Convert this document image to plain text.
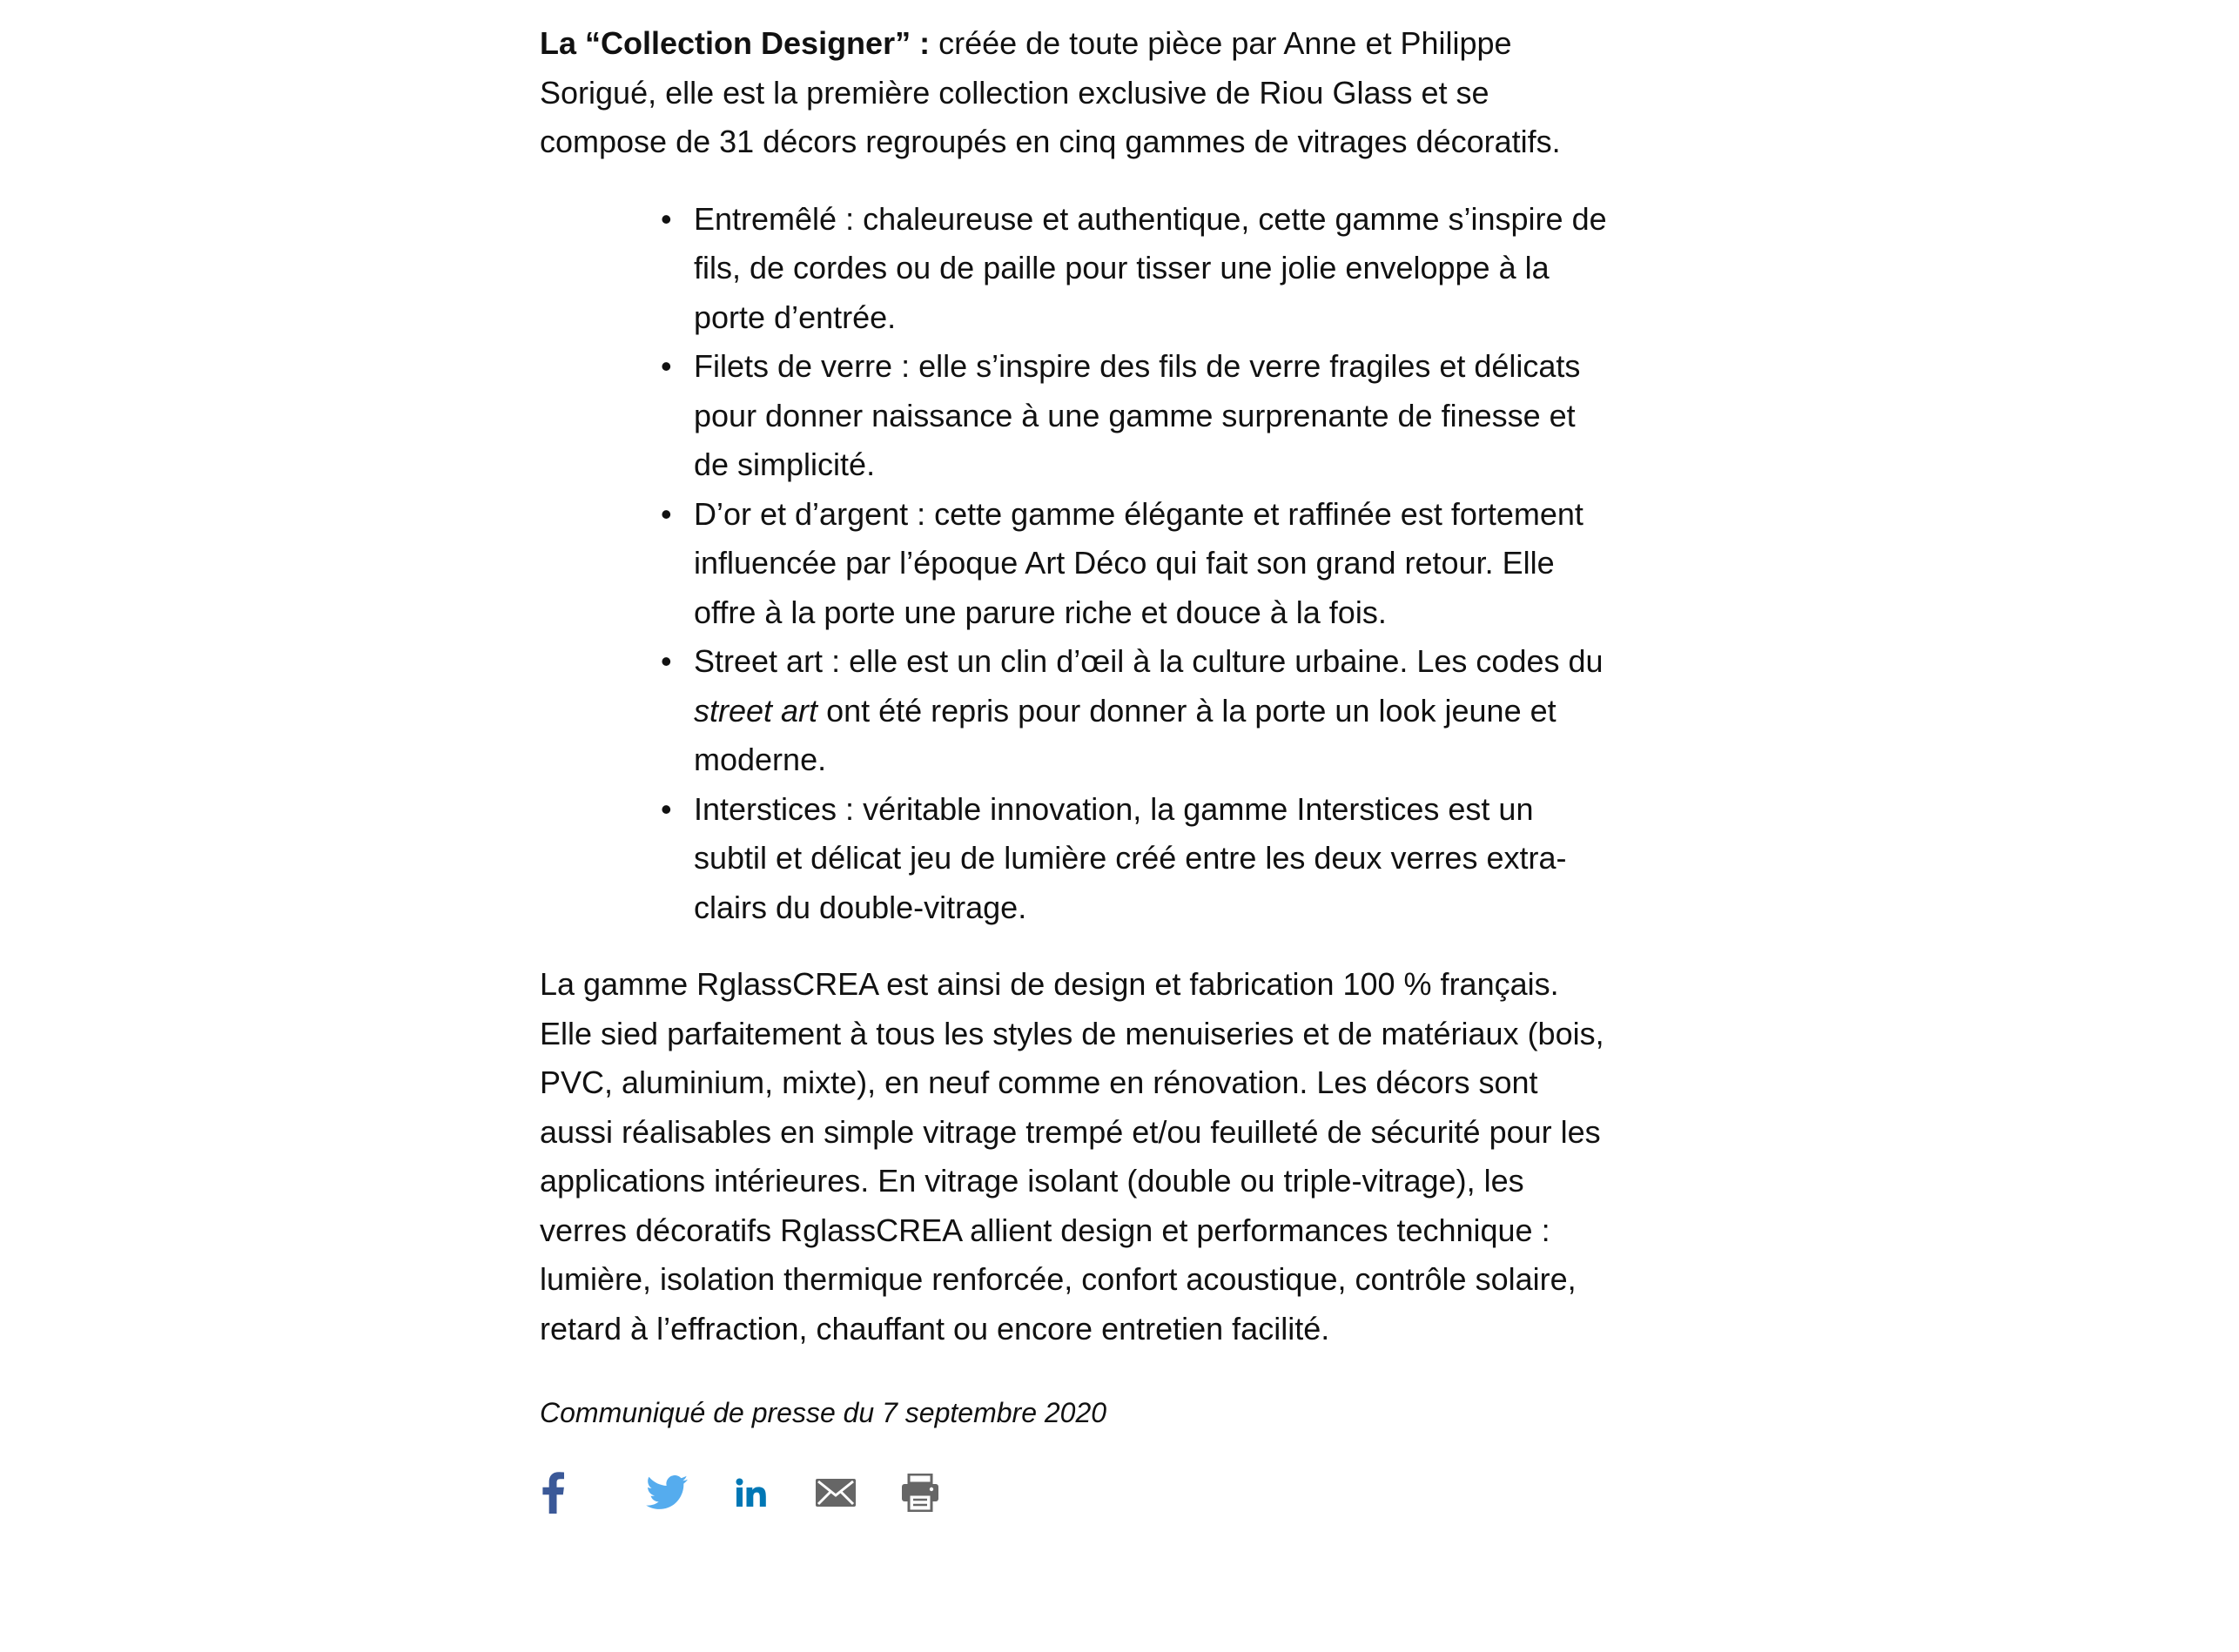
La “Collection Designer” : créée de toute pièce par Anne et Philippe Sorigué, elle est la première collection exclusive de Riou Glass et se compose de 31 décors regroupés en cinq gammes de vitrages décoratifs.

• Entremêlé : chaleureuse et authentique, cette gamme s’inspire de fils, de cordes ou de paille pour tisser une jolie enveloppe à la porte d’entrée.
• Filets de verre : elle s’inspire des fils de verre fragiles et délicats pour donner naissance à une gamme surprenante de finesse et de simplicité.
• D’or et d’argent : cette gamme élégante et raffinée est fortement influencée par l’époque Art Déco qui fait son grand retour. Elle offre à la porte une parure riche et douce à la fois.
• Street art : elle est un clin d’œil à la culture urbaine. Les codes du street art ont été repris pour donner à la porte un look jeune et moderne.
• Interstices : véritable innovation, la gamme Interstices est un subtil et délicat jeu de lumière créé entre les deux verres extra-clairs du double-vitrage.

La gamme RglassCREA est ainsi de design et fabrication 100 % français. Elle sied parfaitement à tous les styles de menuiseries et de matériaux (bois, PVC, aluminium, mixte), en neuf comme en rénovation. Les décors sont aussi réalisables en simple vitrage trempé et/ou feuilleté de sécurité pour les applications intérieures. En vitrage isolant (double ou triple-vitrage), les verres décoratifs RglassCREA allient design et performances technique : lumière, isolation thermique renforcée, confort acoustique, contrôle solaire, retard à l’effraction, chauffant ou encore entretien facilité.

Communiqué de presse du 7 septembre 2020
